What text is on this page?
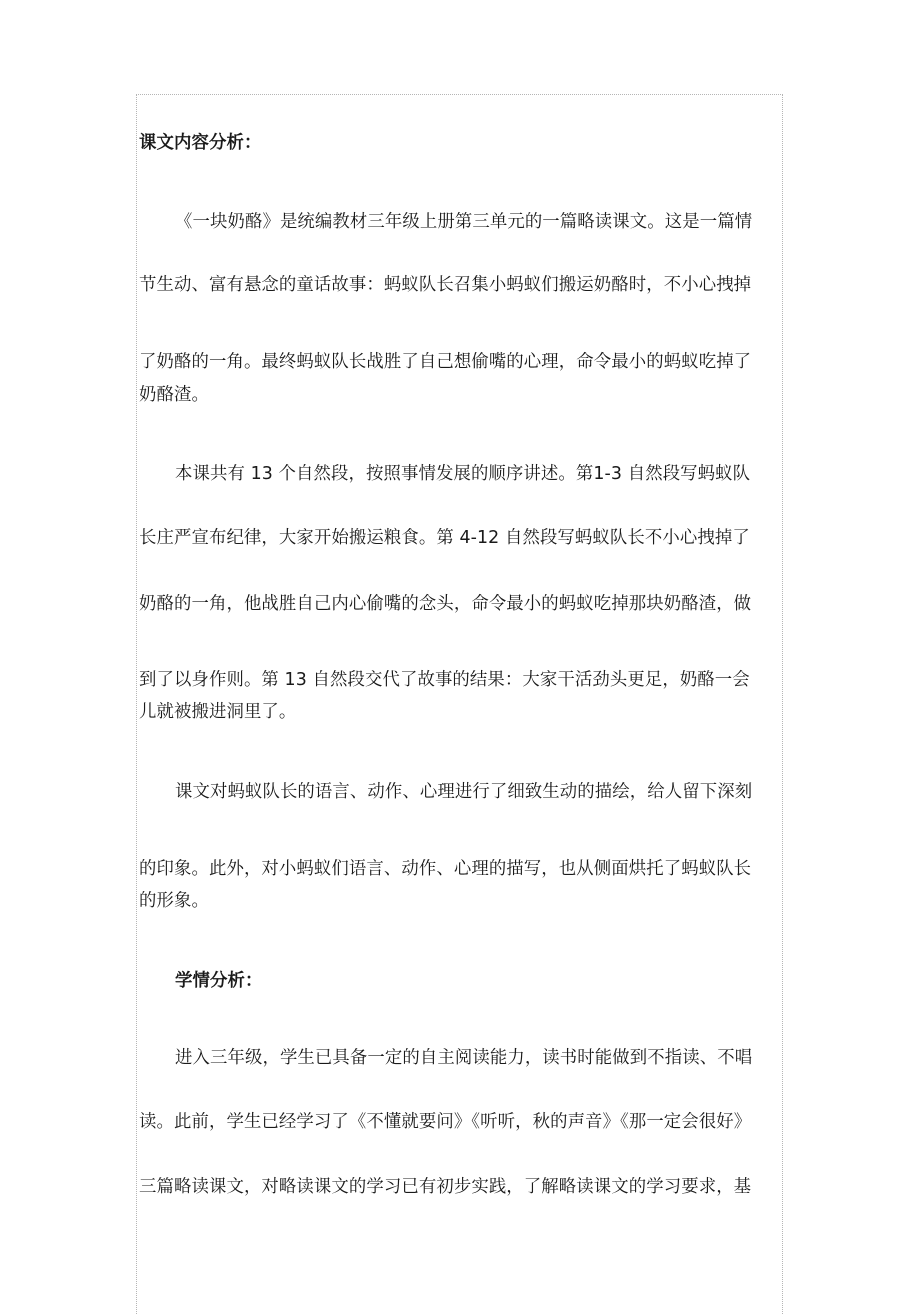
课文内容分析：
《一块奶酪》是统编教材三年级上册第三单元的一篇略读课文。这是一篇情
节生动、富有悬念的童话故事：蚂蚁队长召集小蚂蚁们搬运奶酪时，不小心拽掉
了奶酪的一角。最终蚂蚁队长战胜了自己想偷嘴的心理，命令最小的蚂蚁吃掉了
奶酪渣。
本课共有 13 个自然段，按照事情发展的顺序讲述。第1-3 自然段写蚂蚁队
长庄严宣布纪律，大家开始搬运粮食。第 4-12 自然段写蚂蚁队长不小心拽掉了
奶酪的一角，他战胜自己内心偷嘴的念头，命令最小的蚂蚁吃掉那块奶酪渣，做
到了以身作则。第 13 自然段交代了故事的结果：大家干活劲头更足，奶酪一会
儿就被搬进洞里了。
课文对蚂蚁队长的语言、动作、心理进行了细致生动的描绘，给人留下深刻
的印象。此外，对小蚂蚁们语言、动作、心理的描写，也从侧面烘托了蚂蚁队长
的形象。
学情分析：
进入三年级，学生已具备一定的自主阅读能力，读书时能做到不指读、不唱
读。此前，学生已经学习了《不懂就要问》《听听，秋的声音》《那一定会很好》
三篇略读课文，对略读课文的学习已有初步实践，了解略读课文的学习要求，基
